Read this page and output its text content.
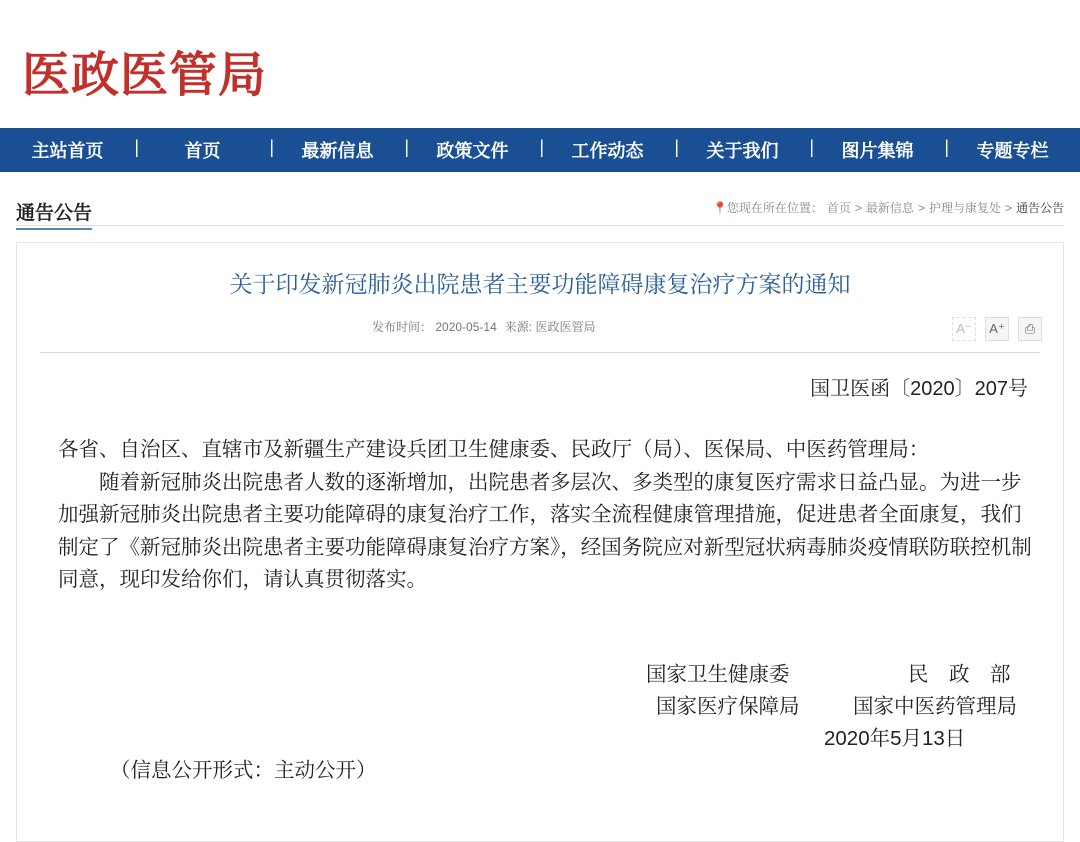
医政医管局
主站首页 |	首页 |	最新信息 |	政策文件 |	工作动态 |	关于我们 |	图片集锦 |	专题专栏
通告公告	📍 您现在所在位置： 首页 > 最新信息 > 护理与康复处 > 通告公告
关于印发新冠肺炎出院患者主要功能障碍康复治疗方案的通知
发布时间： 2020-05-14 来源: 医政医管局	A⁻	A⁺	⎙
国卫医函〔2020〕207号

各省、自治区、直辖市及新疆生产建设兵团卫生健康委、民政厅（局）、医保局、中医药管理局：

随着新冠肺炎出院患者人数的逐渐增加，出院患者多层次、多类型的康复医疗需求日益凸显。为进一步加强新冠肺炎出院患者主要功能障碍的康复治疗工作，落实全流程健康管理措施，促进患者全面康复，我们制定了《新冠肺炎出院患者主要功能障碍康复治疗方案》，经国务院应对新型冠状病毒肺炎疫情联防联控机制同意，现印发给你们，请认真贯彻落实。

国家卫生健康委	民　政　部
国家医疗保障局	国家中医药管理局
2020年5月13日
（信息公开形式：主动公开）
